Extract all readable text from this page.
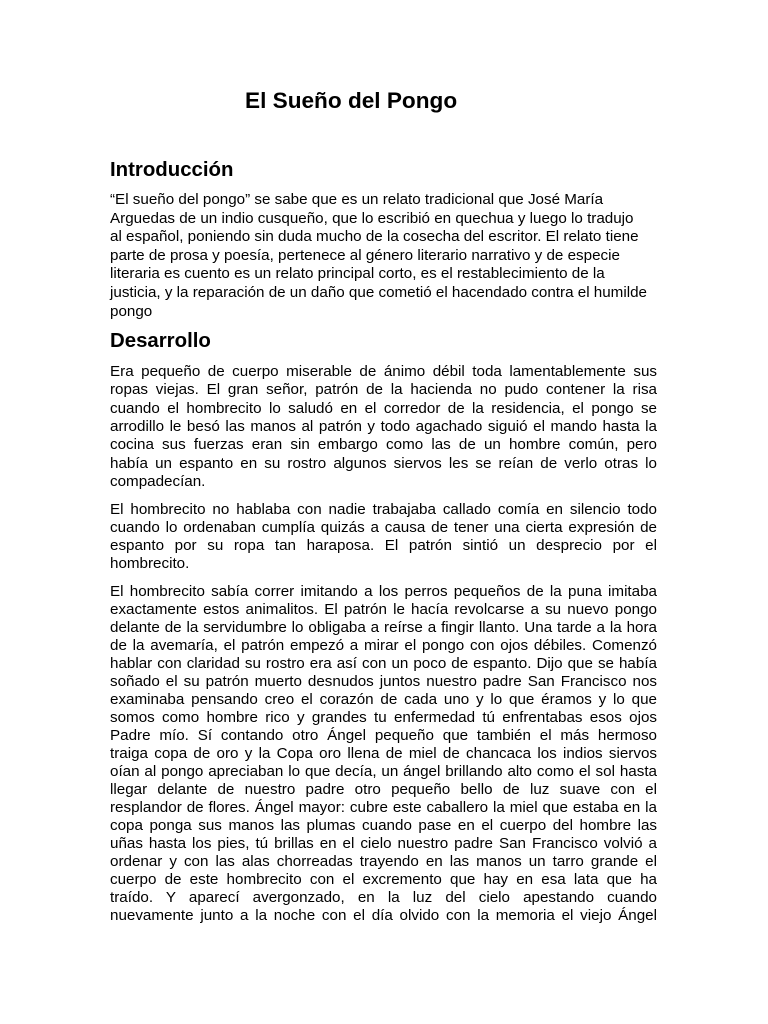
El Sueño del Pongo
Introducción
“El sueño del pongo” se sabe que es un relato tradicional que José María
Arguedas de un indio cusqueño, que lo escribió en quechua y luego lo tradujo
al español, poniendo sin duda mucho de la cosecha del escritor. El relato tiene
parte de prosa y poesía, pertenece al género literario narrativo y de especie
literaria es cuento es un relato principal corto, es el restablecimiento de la
justicia, y la reparación de un daño que cometió el hacendado contra el humilde
pongo
Desarrollo
Era pequeño de cuerpo miserable de ánimo débil toda lamentablemente sus
ropas viejas. El gran señor, patrón de la hacienda no pudo contener la risa
cuando el hombrecito lo saludó en el corredor de la residencia, el pongo se
arrodillo le besó las manos al patrón y todo agachado siguió el mando hasta la
cocina sus fuerzas eran sin embargo como las de un hombre común, pero
había un espanto en su rostro algunos siervos les se reían de verlo otras lo
compadecían.
El hombrecito no hablaba con nadie trabajaba callado comía en silencio todo
cuando lo ordenaban cumplía quizás a causa de tener una cierta expresión de
espanto por su ropa tan haraposa. El patrón sintió un desprecio por el
hombrecito.
El hombrecito sabía correr imitando a los perros pequeños de la puna imitaba
exactamente estos animalitos. El patrón le hacía revolcarse a su nuevo pongo
delante de la servidumbre lo obligaba a reírse a fingir llanto. Una tarde a la hora
de la avemaría, el patrón empezó a mirar el pongo con ojos débiles. Comenzó
hablar con claridad su rostro era así con un poco de espanto. Dijo que se había
soñado el su patrón muerto desnudos juntos nuestro padre San Francisco nos
examinaba pensando creo el corazón de cada uno y lo que éramos y lo que
somos como hombre rico y grandes tu enfermedad tú enfrentabas esos ojos
Padre mío. Sí contando otro Ángel pequeño que también el más hermoso
traiga copa de oro y la Copa oro llena de miel de chancaca los indios siervos
oían al pongo apreciaban lo que decía, un ángel brillando alto como el sol hasta
llegar delante de nuestro padre otro pequeño bello de luz suave con el
resplandor de flores. Ángel mayor: cubre este caballero la miel que estaba en la
copa ponga sus manos las plumas cuando pase en el cuerpo del hombre las
uñas hasta los pies, tú brillas en el cielo nuestro padre San Francisco volvió a
ordenar y con las alas chorreadas trayendo en las manos un tarro grande el
cuerpo de este hombrecito con el excremento que hay en esa lata que ha
traído. Y aparecí avergonzado, en la luz del cielo apestando cuando
nuevamente junto a la noche con el día olvido con la memoria el viejo Ángel
